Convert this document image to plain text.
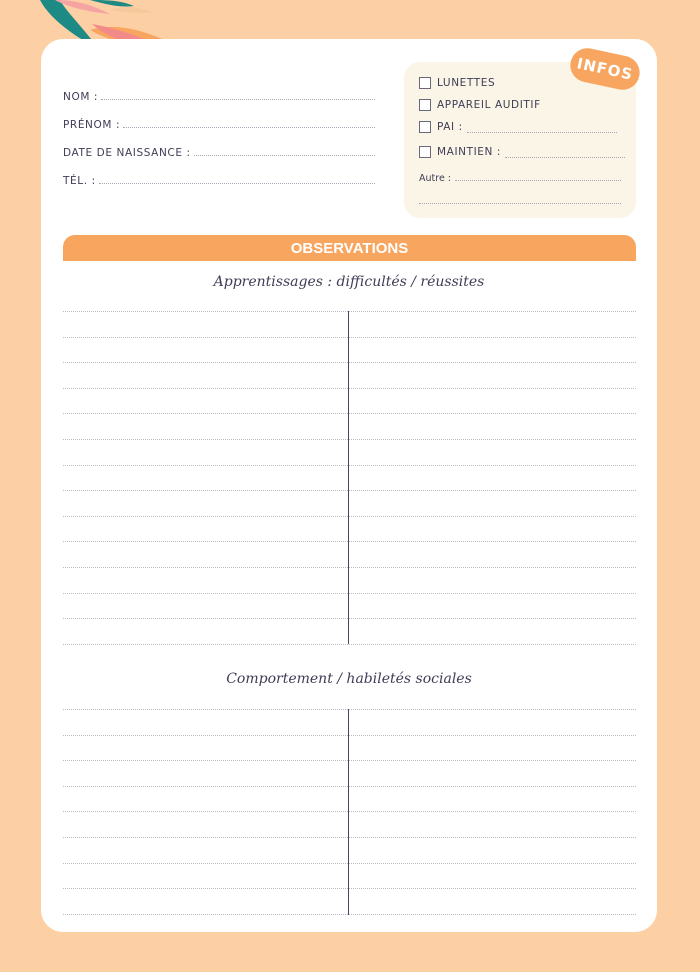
NOM :
PRÉNOM :
DATE DE NAISSANCE :
TÉL. :
LUNETTES
APPAREIL AUDITIF
PAI :
MAINTIEN :
Autre :
INFOS
OBSERVATIONS
Apprentissages : difficultés / réussites
Comportement / habiletés sociales
